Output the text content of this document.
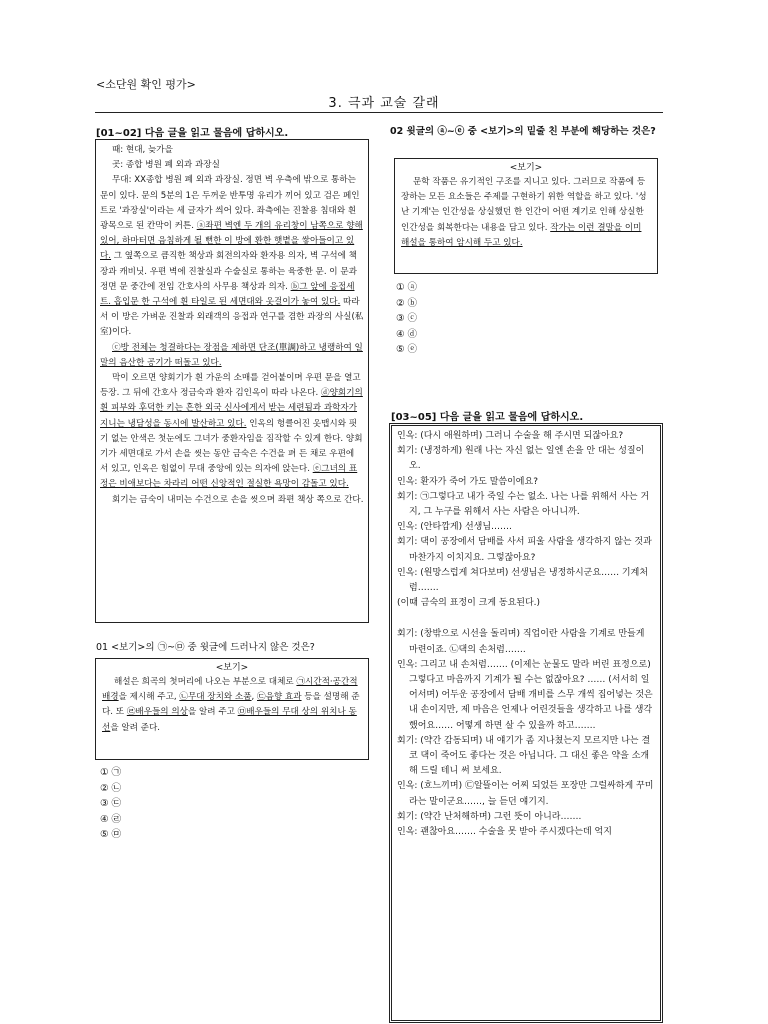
<소단원 확인 평가>
3. 극과 교술 갈래
[01~02] 다음 글을 읽고 물음에 답하시오.

때: 현대, 늦가을

곳: 종합 병원 폐 외과 과장실

무대: XX종합 병원 폐 외과 과장실. 정면 벽 우측에 밖으로 통하는 문이 있다. 문의 5분의 1은 두꺼운 반투명 유리가 끼어 있고 검은 페인트로 '과장실'이라는 세 글자가 씌어 있다. 좌측에는 진찰용 침대와 흰 광목으로 된 칸막이 커튼. ⓐ좌편 벽엔 두 개의 유리창이 남쪽으로 향해 있어, 하마터면 음침하게 될 뻔한 이 방에 환한 햇볕을 쌓아들이고 있다. 그 옆쪽으로 큼직한 책상과 회전의자와 환자용 의자, 벽 구석에 책장과 캐비닛. 우편 벽에 진찰실과 수술실로 통하는 육중한 문. 이 문과 정면 문 중간에 전임 간호사의 사무용 책상과 의자. ⓑ그 앞에 응접세트. 흡입문 한 구석에 흰 타일로 된 세면대와 옷걸이가 놓여 있다. 따라서 이 방은 가벼운 진찰과 외래객의 응접과 연구를 겸한 과장의 사실(私室)이다.

ⓒ방 전체는 청결하다는 장점을 제하면 단조(單調)하고 냉랭하여 일말의 음산한 공기가 떠돌고 있다.

막이 오르면 양회기가 흰 가운의 소매를 걷어붙이며 우편 문을 열고 등장. 그 뒤에 간호사 정금숙과 환자 김인옥이 따라 나온다. ⓓ양회기의 흰 피부와 후덕한 키는 흔한 외국 신사에게서 받는 세련됨과 과학자가 지니는 냉담성을 동시에 발산하고 있다. 인옥의 헝클어진 옷맵시와 핏기 없는 안색은 첫눈에도 그녀가 중환자임을 짐작할 수 있게 한다. 양회기가 세면대로 가서 손을 씻는 동안 금숙은 수건을 펴 든 채로 우편에 서 있고, 인옥은 힘없이 무대 중앙에 있는 의자에 앉는다. ⓔ그녀의 표정은 비애보다는 차라리 어떤 신앙적인 절실한 욕망이 감돌고 있다.

회기는 금숙이 내미는 수건으로 손을 씻으며 좌편 책상 쪽으로 간다.

01 <보기>의 ㉠~㉤ 중 윗글에 드러나지 않은 것은?
<보기>
해설은 희곡의 첫머리에 나오는 부분으로 대체로 ㉠시간적·공간적 배경을 제시해 주고, ㉡무대 장치와 소품, ㉢음향 효과 등을 설명해 준다. 또 ㉣배우들의 의상을 알려 주고 ㉤배우들의 무대 상의 위치나 동선을 알려 준다.
① ㉠
② ㉡
③ ㉢
④ ㉣
⑤ ㉤
02 윗글의 ⓐ~ⓔ 중 <보기>의 밑줄 친 부분에 해당하는 것은?
<보기>
문학 작품은 유기적인 구조를 지니고 있다. 그러므로 작품에 등장하는 모든 요소들은 주제를 구현하기 위한 역할을 하고 있다. '성난 기계'는 인간성을 상실했던 한 인간이 어떤 계기로 인해 상실한 인간성을 회복한다는 내용을 담고 있다. 작가는 이런 결말을 이미 해설을 통하여 암시해 두고 있다.
① ⓐ
② ⓑ
③ ⓒ
④ ⓓ
⑤ ⓔ
[03~05] 다음 글을 읽고 물음에 답하시오.

인옥: (다시 애원하며) 그러니 수술을 해 주시면 되잖아요?

회기: (냉정하게) 원래 나는 자신 없는 일엔 손을 안 대는 성질이오.

인옥: 환자가 죽어 가도 말씀이에요?

회기: ㉠그렇다고 내가 죽일 수는 없소. 나는 나를 위해서 사는 거지, 그 누구를 위해서 사는 사람은 아니니까.

인옥: (안타깝게) 선생님…….

회기: 댁이 공장에서 담배를 사서 피울 사람을 생각하지 않는 것과 마찬가지 이치지요. 그렇잖아요?

인옥: (원망스럽게 쳐다보며) 선생님은 냉정하시군요…… 기계처럼…….

(이때 금숙의 표정이 크게 동요된다.)

회기: (창밖으로 시선을 돌리며) 직업이란 사람을 기계로 만들게 마련이죠. ㉡댁의 손처럼…….

인옥: 그리고 내 손처럼……. (이제는 눈물도 말라 버린 표정으로) 그렇다고 마음까지 기계가 될 수는 없잖아요? …… (서서히 일어서며) 어두운 공장에서 담배 개비를 스무 개씩 집어넣는 것은 내 손이지만, 제 마음은 언제나 어린것들을 생각하고 나를 생각했어요…… 어떻게 하면 살 수 있을까 하고…….

회기: (약간 감동되며) 내 얘기가 좀 지나쳤는지 모르지만 나는 결코 댁이 죽어도 좋다는 것은 아닙니다. 그 대신 좋은 약을 소개해 드릴 테니 써 보세요.

인옥: (흐느끼며) ㉢알뜰이는 어찌 되었든 포장만 그럴싸하게 꾸미라는 말이군요……, 늘 듣던 얘기지.

회기: (약간 난처해하며) 그런 뜻이 아니라…….

인옥: 괜찮아요……. 수술을 못 받아 주시겠다는데 억지
